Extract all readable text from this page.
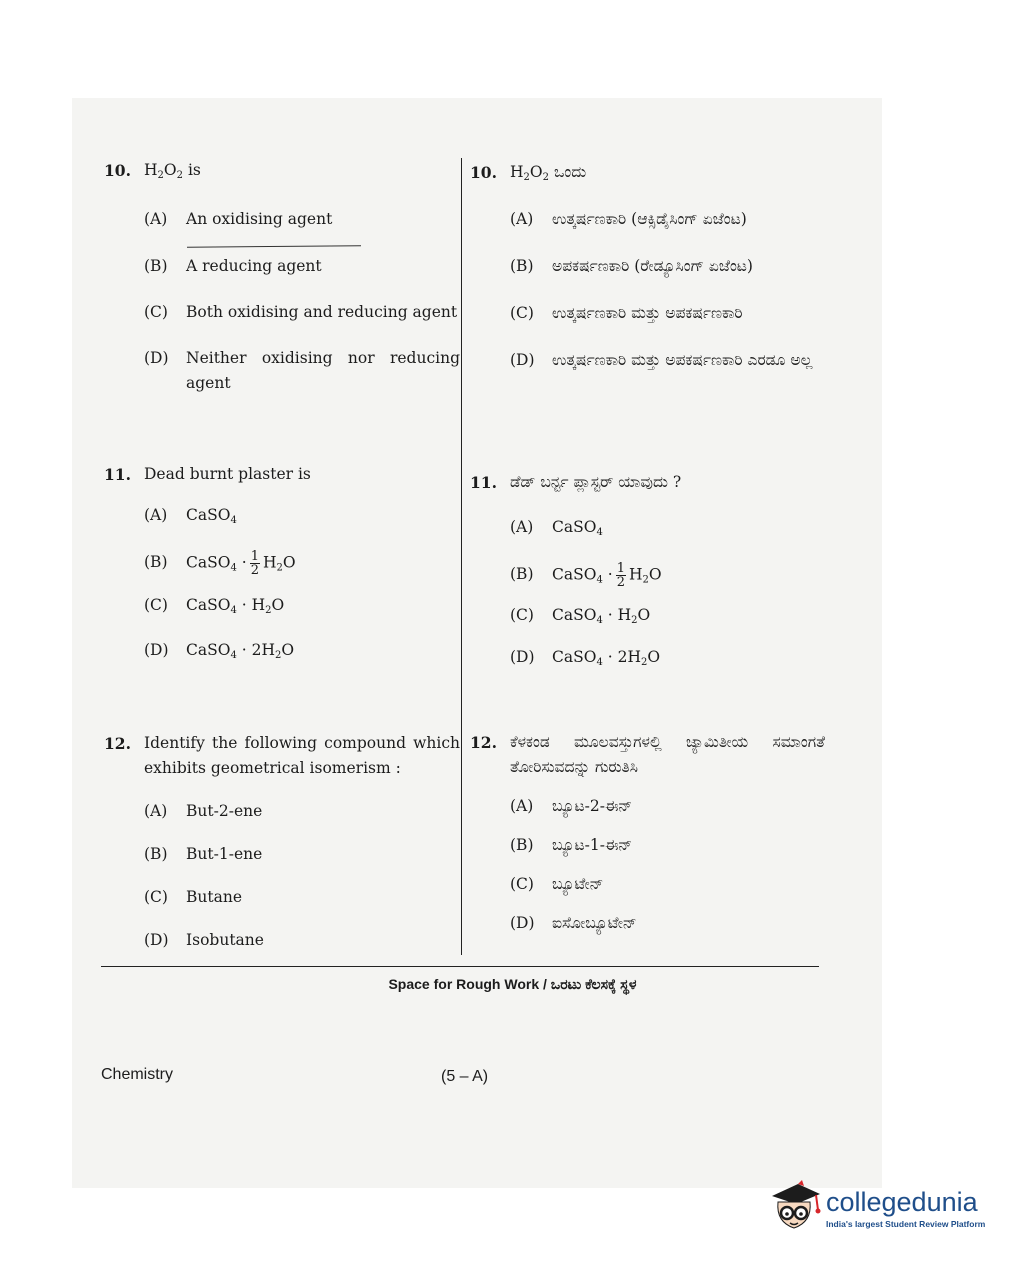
10. $H_2O_2$ is
(A)	An oxidising agent
(B)	A reducing agent
(C)	Both oxidising and reducing agent
(D)	Neither oxidising nor reducing agent
11. Dead burnt plaster is
(A)	CaSO$_4$
(B)	CaSO$_4$ · $\frac{1}{2} H_2O$
(C)	CaSO$_4$ · $H_2O$
(D)	CaSO$_4$ · $2H_2O$
12. Identify the following compound which exhibits geometrical isomerism :
(A)	But-2-ene
(B)	But-1-ene
(C)	Butane
(D)	Isobutane
10. $H_2O_2$ ಒಂದು
(A)	ಉತ್ಕರ್ಷಣಕಾರಿ (ಆಕ್ಸಿಡೈಸಿಂಗ್ ಏಜೆಂಟ)
(B)	ಅಪಕರ್ಷಣಕಾರಿ (ರೇಡ್ಯೂಸಿಂಗ್ ಏಜೆಂಟ)
(C)	ಉತ್ಕರ್ಷಣಕಾರಿ ಮತ್ತು ಅಪಕರ್ಷಣಕಾರಿ
(D)	ಉತ್ಕರ್ಷಣಕಾರಿ ಮತ್ತು ಅಪಕರ್ಷಣಕಾರಿ ಎರಡೂ ಅಲ್ಲ
11. ಡೆಡ್ ಬರ್ನ್ಟ ಪ್ಲಾಸ್ಟರ್ ಯಾವುದು ?
(A)	CaSO$_4$
(B)	CaSO$_4$ · $\frac{1}{2} H_2O$
(C)	CaSO$_4$ · $H_2O$
(D)	CaSO$_4$ · $2H_2O$
12. ಕೆಳಕಂಡ ಮೂಲವಸ್ತುಗಳಲ್ಲಿ ಜ್ಯಾಮಿತೀಯ ಸಮಾಂಗತೆ ತೋರಿಸುವದನ್ನು ಗುರುತಿಸಿ
(A)	ಬ್ಯೂಟ-2-ಈನ್
(B)	ಬ್ಯೂಟ-1-ಈನ್
(C)	ಬ್ಯೂಟೇನ್
(D)	ಐಸೋಬ್ಯೂಟೇನ್
Space for Rough Work / ಒರಟು ಕೆಲಸಕ್ಕೆ ಸ್ಥಳ
Chemistry	(5 – A)
collegedunia
India's largest Student Review Platform
